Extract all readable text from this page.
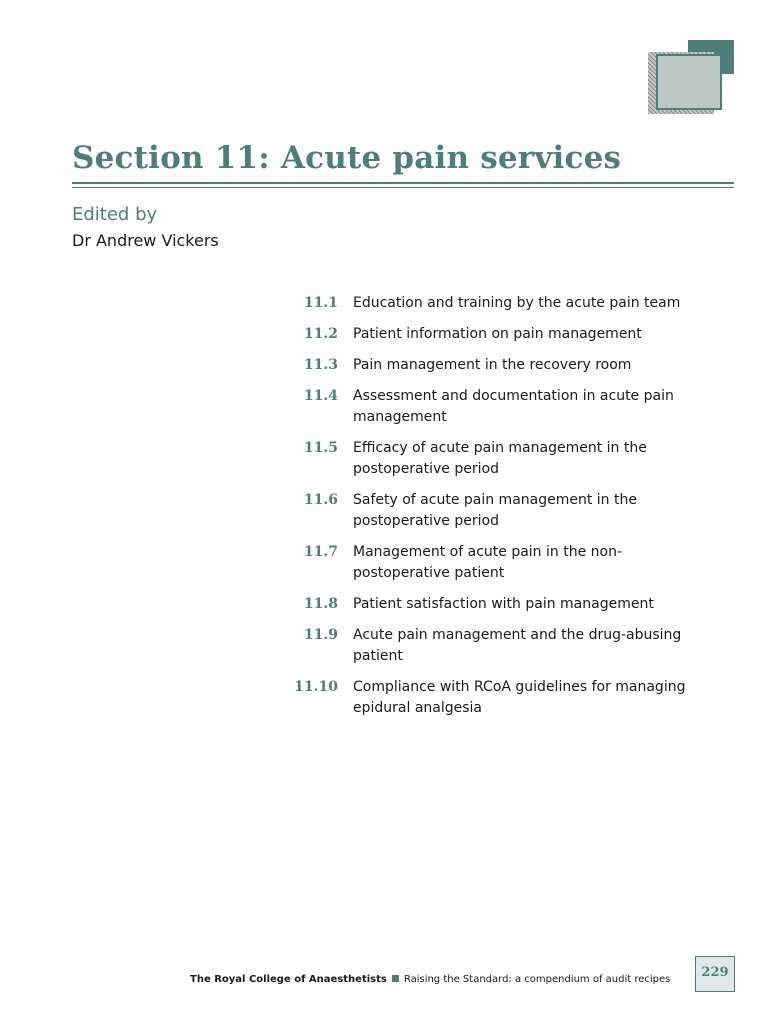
Section 11: Acute pain services
Edited by
Dr Andrew Vickers
11.1 Education and training by the acute pain team
11.2 Patient information on pain management
11.3 Pain management in the recovery room
11.4 Assessment and documentation in acute pain management
11.5 Efficacy of acute pain management in the postoperative period
11.6 Safety of acute pain management in the postoperative period
11.7 Management of acute pain in the non-postoperative patient
11.8 Patient satisfaction with pain management
11.9 Acute pain management and the drug-abusing patient
11.10 Compliance with RCoA guidelines for managing epidural analgesia
The Royal College of Anaesthetists Raising the Standard: a compendium of audit recipes	229
